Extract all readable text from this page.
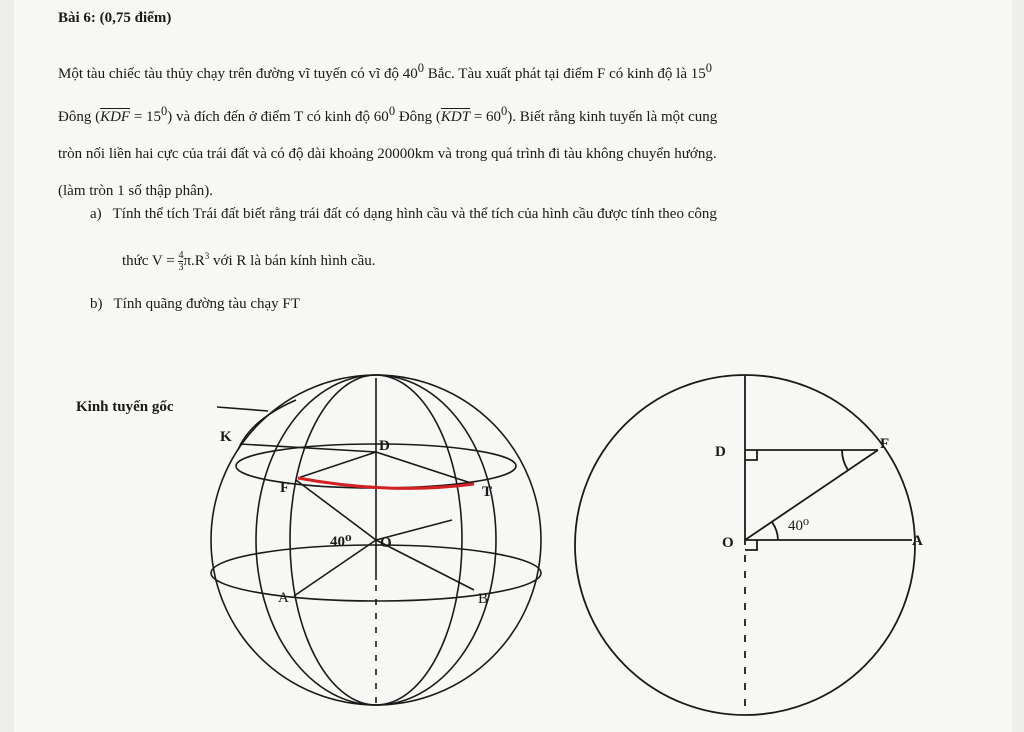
Bài 6: (0,75 điểm)
Một tàu chiếc tàu thủy chạy trên đường vĩ tuyến có vĩ độ $40^0$ Bắc. Tàu xuất phát tại điểm F có kinh độ là $15^0$
Đông $(\overline{KDF} = 15^0)$ và đích đến ở điểm T có kinh độ $60^0$ Đông $(\overline{KDT} = 60^0)$. Biết rằng kinh tuyến là một cung
tròn nối liền hai cực của trái đất và có độ dài khoảng 20000km và trong quá trình đi tàu không chuyển hướng.
(làm tròn 1 số thập phân).
a) Tính thể tích Trái đất biết rằng trái đất có dạng hình cầu và thể tích của hình cầu được tính theo công
thức $V = \frac{4}{3} \pi.R^3$ với R là bán kính hình cầu.
b) Tính quãng đường tàu chạy FT
Kinh tuyến gốc
K
D
F	T
40⁰ O
A	B
D	F
O	A
40⁰
